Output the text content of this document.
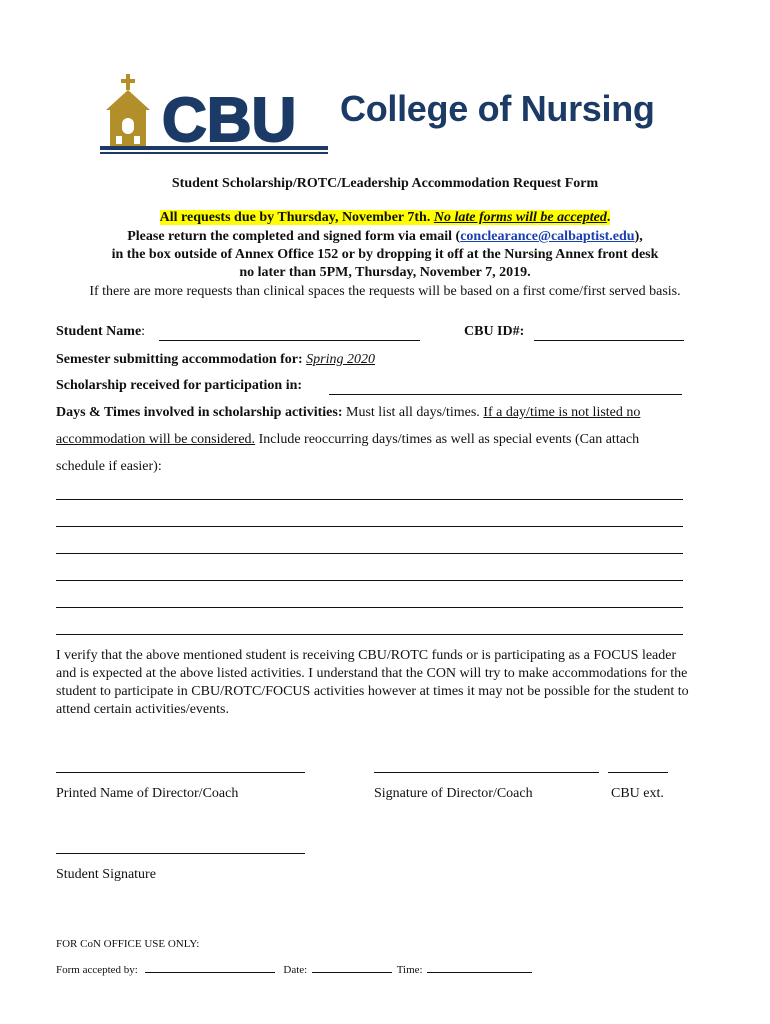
CBU College of Nursing
Student Scholarship/ROTC/Leadership Accommodation Request Form
All requests due by Thursday, November 7th. No late forms will be accepted.
Please return the completed and signed form via email (conclearance@calbaptist.edu),
in the box outside of Annex Office 152 or by dropping it off at the Nursing Annex front desk
no later than 5PM, Thursday, November 7, 2019.
If there are more requests than clinical spaces the requests will be based on a first come/first served basis.
Student Name:	CBU ID#:
Semester submitting accommodation for: Spring 2020
Scholarship received for participation in:
Days & Times involved in scholarship activities: Must list all days/times. If a day/time is not listed no
accommodation will be considered. Include reoccurring days/times as well as special events (Can attach
schedule if easier):
I verify that the above mentioned student is receiving CBU/ROTC funds or is participating as a FOCUS leader and is expected at the above listed activities. I understand that the CON will try to make accommodations for the student to participate in CBU/ROTC/FOCUS activities however at times it may not be possible for the student to attend certain activities/events.
Printed Name of Director/Coach	Signature of Director/Coach	CBU ext.
Student Signature
FOR CoN OFFICE USE ONLY:
Form accepted by:	Date:	Time:
